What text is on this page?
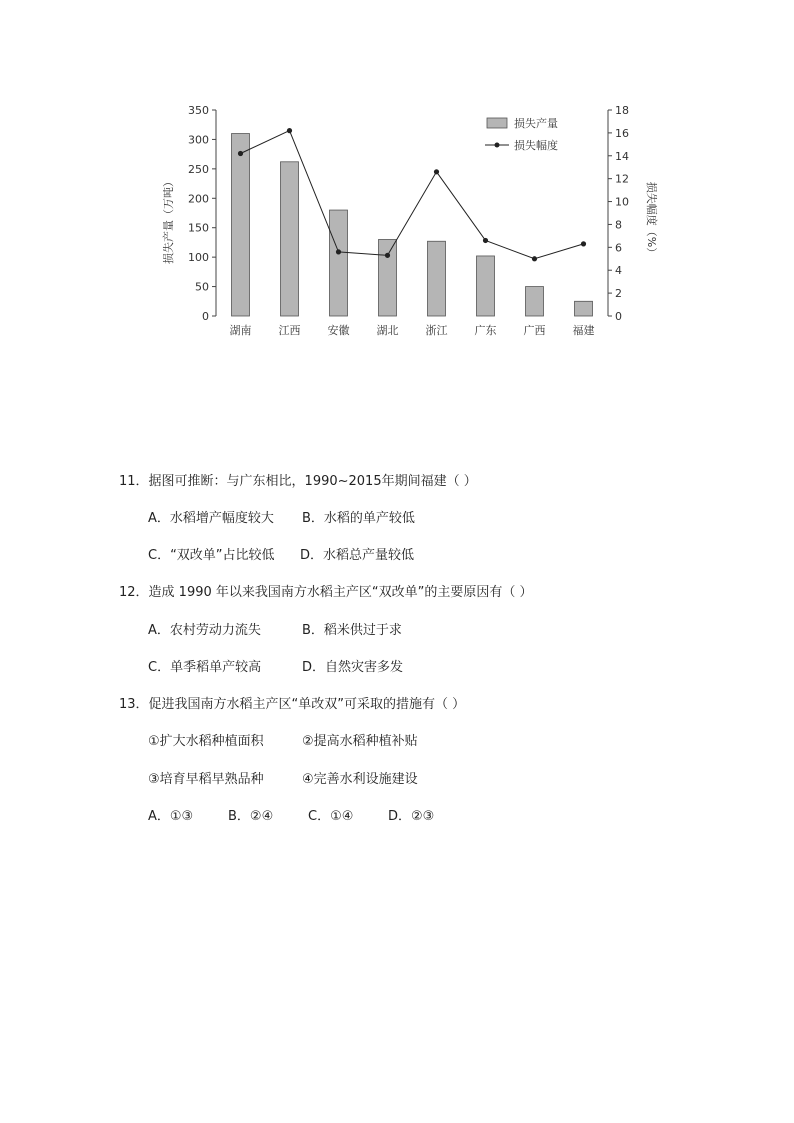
0
50
100
150
200
250
300
350
0
2
4
6
8
10
12
14
16
18
湖南 江西 安徽 湖北 浙江 广东 广西 福建
损失产量（万吨）	损失幅度（%）
损失产量
损失幅度
11．据图可推断：与广东相比，1990~2015年期间福建（ ）
A．水稻增产幅度较大 B．水稻的单产较低
C．“双改单”占比较低 D．水稻总产量较低
12．造成 1990 年以来我国南方水稻主产区“双改单”的主要原因有（ ）
A．农村劳动力流失	B．稻米供过于求
C．单季稻单产较高	D．自然灾害多发
13．促进我国南方水稻主产区“单改双”可采取的措施有（ ）
①扩大水稻种植面积	②提高水稻种植补贴
③培育早稻早熟品种	④完善水利设施建设
A．①③	B．②④	C．①④	D．②③
